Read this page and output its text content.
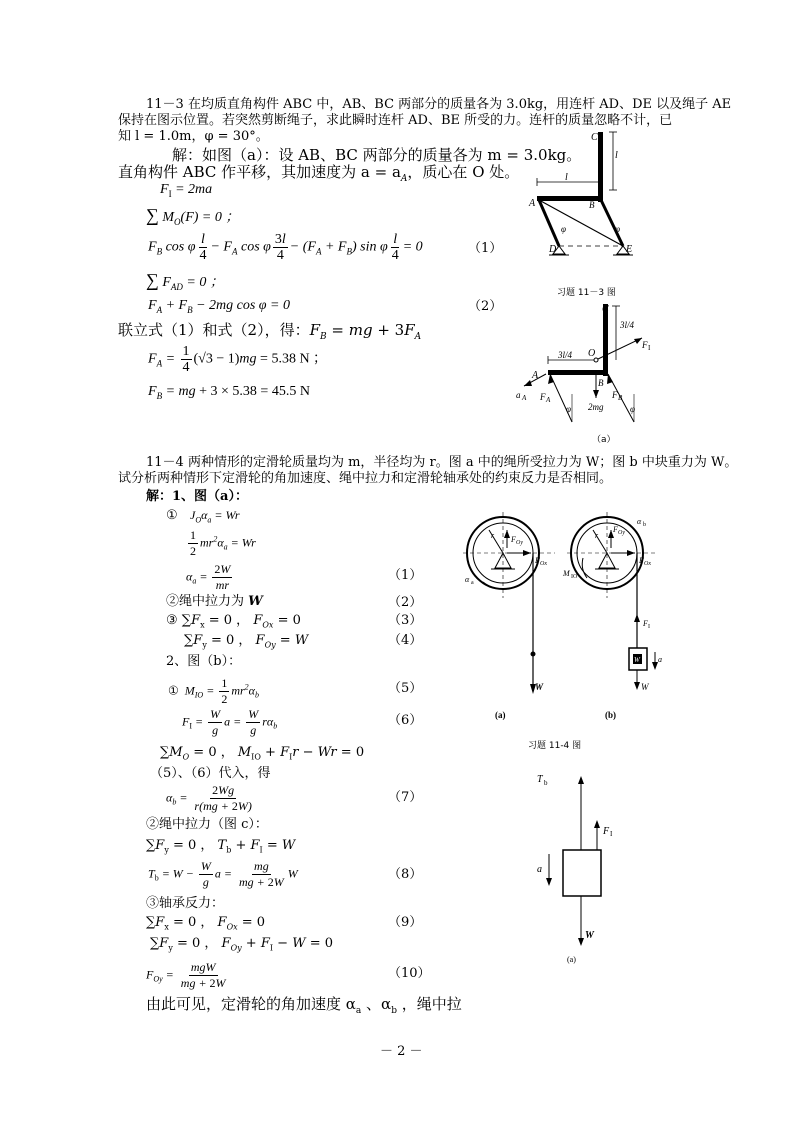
11－3 在均质直角构件 ABC 中，AB、BC 两部分的质量各为 3.0kg，用连杆 AD、DE 以及绳子 AE
保持在图示位置。若突然剪断绳子，求此瞬时连杆 AD、BE 所受的力。连杆的质量忽略不计，已
知 l = 1.0m，φ = 30°。
解：如图（a）：设 AB、BC 两部分的质量各为 m = 3.0kg。
直角构件 ABC 作平移，其加速度为 $a = a_A$，质心在 O 处。
$F_I = 2ma$
∑ $M_O(F) = 0$ ；
$F_B$ cos φ $\frac{l}{4} - F_A$ cos φ $\frac{3l}{4} - (F_A + F_B)$ sin φ $\frac{l}{4} = 0$	（1）
∑ $F_{AD} = 0$ ；
$F_A + F_B - 2mg$ cos φ = 0	（2）
联立式（1）和式（2），得：$F_B$ = mg + $3F_A$
$F_A = \frac{1}{4} (√3 - 1)mg = 5.38$ N ；
$F_B$ = mg + 3 × 5.38 = 45.5 N
l
l
C
A	B
D	E
φ	φ
习题 11－3 图
C
3l/4
3l/4 O
F I
A
a A F A
φ
B
2mg
F B
φ
（a）
11－4 两种情形的定滑轮质量均为 m，半径均为 r。图 a 中的绳所受拉力为 W；图 b 中块重力为 W。
试分析两种情形下定滑轮的角加速度、绳中拉力和定滑轮轴承处的约束反力是否相同。
解：1、图（a）：
① $J_O\alpha_a = Wr$
$\frac{1}{2} mr^2\alpha_a = Wr$
$\alpha_a = \frac{2W}{mr}$	（1）
②绳中拉力为 W	（2）
③ $\sum F_x = 0$ ， $F_{Ox} = 0$	（3）
$\sum F_y = 0$ ， $F_{Oy} = W$	（4）
2、图（b）：
①  $M_{IO} = \frac{1}{2} mr^2\alpha_b$	（5）
$F_I = \frac{W}{g}$ $a = \frac{W}{g} r\alpha_b$	（6）
$\sum M_O = 0$ ， $M_{IO} + F_Ir - Wr = 0$
（5）、（6）代入，得
$\alpha_b = \frac{2Wg}{r(mg + 2W)}$	（7）
②绳中拉力（图 c）：
$\sum F_y = 0$ ， $T_b + F_I = W$
$T_b = W - \frac{W}{g}$ $a = \frac{mg}{mg + 2W}$ W	（8）
③轴承反力：
$\sum F_x = 0$ ， $F_{Ox} = 0$	（9）
$\sum F_y = 0$ ， $F_{Oy} + F_I - W = 0$
$F_{Oy} = \frac{\text{mgW}}{mg + 2W}$	（10）
由此可见，定滑轮的角加速度 $\alpha_a$ 、$\alpha_b$ ，绳中拉
r F Oy
F Ox
α a
W
r
F Oy
α b
F Ox
M IO
F I
W a
W
(a)	(b)
习题 11-4 图
T b
F I
a
W
(a)
－ 2 －
